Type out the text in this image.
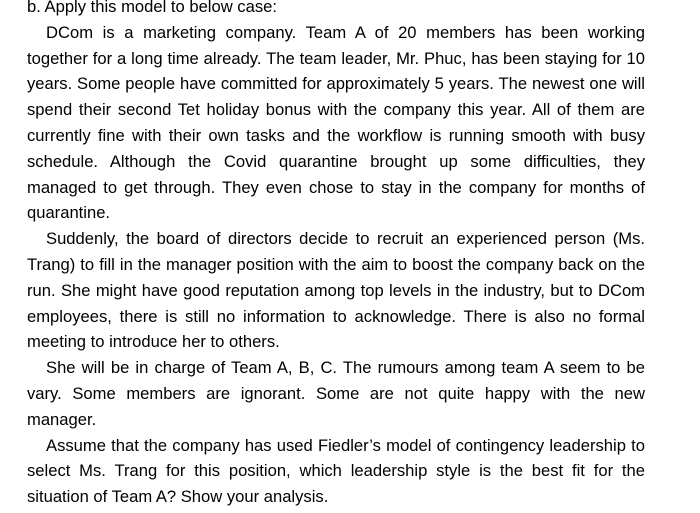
b. Apply this model to below case:

DCom is a marketing company. Team A of 20 members has been working together for a long time already. The team leader, Mr. Phuc, has been staying for 10 years. Some people have committed for approximately 5 years. The newest one will spend their second Tet holiday bonus with the company this year. All of them are currently fine with their own tasks and the workflow is running smooth with busy schedule. Although the Covid quarantine brought up some difficulties, they managed to get through. They even chose to stay in the company for months of quarantine.

Suddenly, the board of directors decide to recruit an experienced person (Ms. Trang) to fill in the manager position with the aim to boost the company back on the run. She might have good reputation among top levels in the industry, but to DCom employees, there is still no information to acknowledge. There is also no formal meeting to introduce her to others.

She will be in charge of Team A, B, C. The rumours among team A seem to be vary. Some members are ignorant. Some are not quite happy with the new manager.

Assume that the company has used Fiedler’s model of contingency leadership to select Ms. Trang for this position, which leadership style is the best fit for the situation of Team A? Show your analysis.
